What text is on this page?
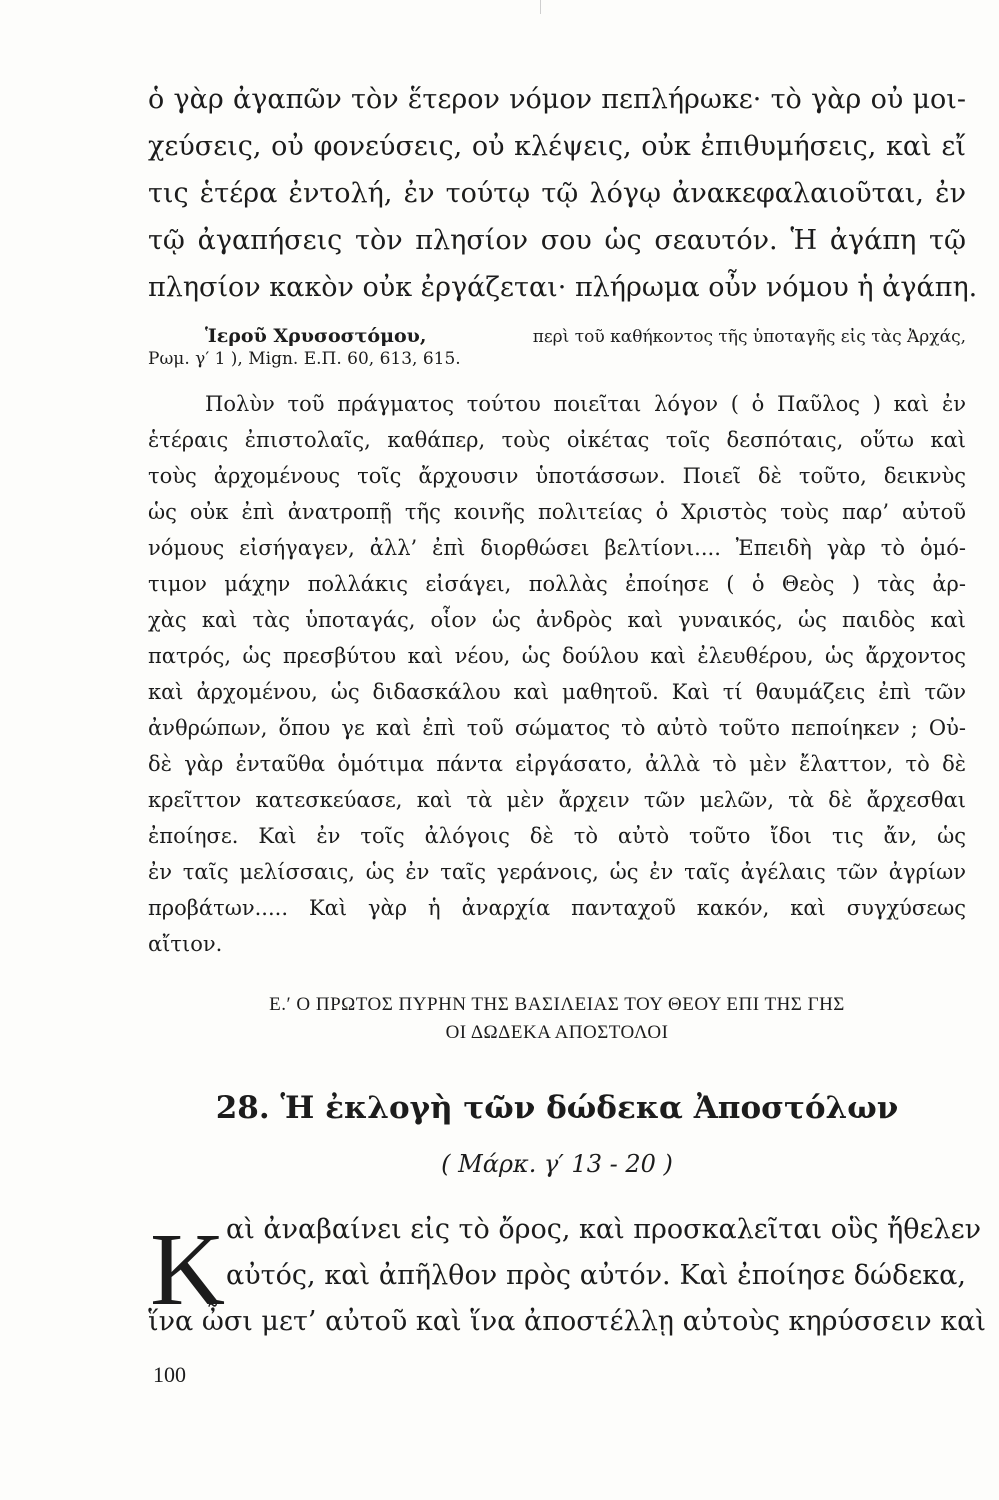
ὁ γὰρ ἀγαπῶν τὸν ἕτερον νόμον πεπλήρωκε· τὸ γὰρ οὐ μοι-
χεύσεις, οὐ φονεύσεις, οὐ κλέψεις, οὐκ ἐπιθυμήσεις, καὶ εἴ
τις ἑτέρα ἐντολή, ἐν τούτῳ τῷ λόγῳ ἀνακεφαλαιοῦται, ἐν
τῷ ἀγαπήσεις τὸν πλησίον σου ὡς σεαυτόν. Ἡ ἀγάπη τῷ
πλησίον κακὸν οὐκ ἐργάζεται· πλήρωμα οὖν νόμου ἡ ἀγάπη.
Ἱεροῦ Χρυσοστόμου,	περὶ τοῦ καθήκοντος τῆς ὑποταγῆς εἰς τὰς Ἀρχάς,
Ρωμ. γ′ 1 ), Mign. Ε.Π. 60, 613, 615.
Πολὺν τοῦ πράγματος τούτου ποιεῖται λόγον ( ὁ Παῦλος ) καὶ ἐν
ἑτέραις ἐπιστολαῖς, καθάπερ, τοὺς οἰκέτας τοῖς δεσπόταις, οὕτω καὶ
τοὺς ἀρχομένους τοῖς ἄρχουσιν ὑποτάσσων. Ποιεῖ δὲ τοῦτο, δεικνὺς
ὡς οὐκ ἐπὶ ἀνατροπῇ τῆς κοινῆς πολιτείας ὁ Χριστὸς τοὺς παρ’ αὐτοῦ
νόμους εἰσήγαγεν, ἀλλ’ ἐπὶ διορθώσει βελτίονι.... Ἐπειδὴ γὰρ τὸ ὁμό-
τιμον μάχην πολλάκις εἰσάγει, πολλὰς ἐποίησε ( ὁ Θεὸς ) τὰς ἀρ-
χὰς καὶ τὰς ὑποταγάς, οἷον ὡς ἀνδρὸς καὶ γυναικός, ὡς παιδὸς καὶ
πατρός, ὡς πρεσβύτου καὶ νέου, ὡς δούλου καὶ ἐλευθέρου, ὡς ἄρχοντος
καὶ ἀρχομένου, ὡς διδασκάλου καὶ μαθητοῦ. Καὶ τί θαυμάζεις ἐπὶ τῶν
ἀνθρώπων, ὅπου γε καὶ ἐπὶ τοῦ σώματος τὸ αὐτὸ τοῦτο πεποίηκεν ; Οὐ-
δὲ γὰρ ἐνταῦθα ὁμότιμα πάντα εἰργάσατο, ἀλλὰ τὸ μὲν ἔλαττον, τὸ δὲ
κρεῖττον κατεσκεύασε, καὶ τὰ μὲν ἄρχειν τῶν μελῶν, τὰ δὲ ἄρχεσθαι
ἐποίησε. Καὶ ἐν τοῖς ἀλόγοις δὲ τὸ αὐτὸ τοῦτο ἴδοι τις ἄν, ὡς
ἐν ταῖς μελίσσαις, ὡς ἐν ταῖς γεράνοις, ὡς ἐν ταῖς ἀγέλαις τῶν ἀγρίων
προβάτων..... Καὶ γὰρ ἡ ἀναρχία πανταχοῦ κακόν, καὶ συγχύσεως
αἴτιον.
Ε.′ Ο ΠΡΩΤΟΣ ΠΥΡΗΝ ΤΗΣ ΒΑΣΙΛΕΙΑΣ ΤΟΥ ΘΕΟΥ ΕΠΙ ΤΗΣ ΓΗΣ
ΟΙ ΔΩΔΕΚΑ ΑΠΟΣΤΟΛΟΙ
28. Ἡ ἐκλογὴ τῶν δώδεκα Ἀποστόλων
( Μάρκ. γ′ 13 - 20 )
Κ αὶ ἀναβαίνει εἰς τὸ ὄρος, καὶ προσκαλεῖται οὓς ἤθελεν
αὐτός, καὶ ἀπῆλθον πρὸς αὐτόν. Καὶ ἐποίησε δώδεκα,
ἵνα ὦσι μετ’ αὐτοῦ καὶ ἵνα ἀποστέλλῃ αὐτοὺς κηρύσσειν καὶ
100
